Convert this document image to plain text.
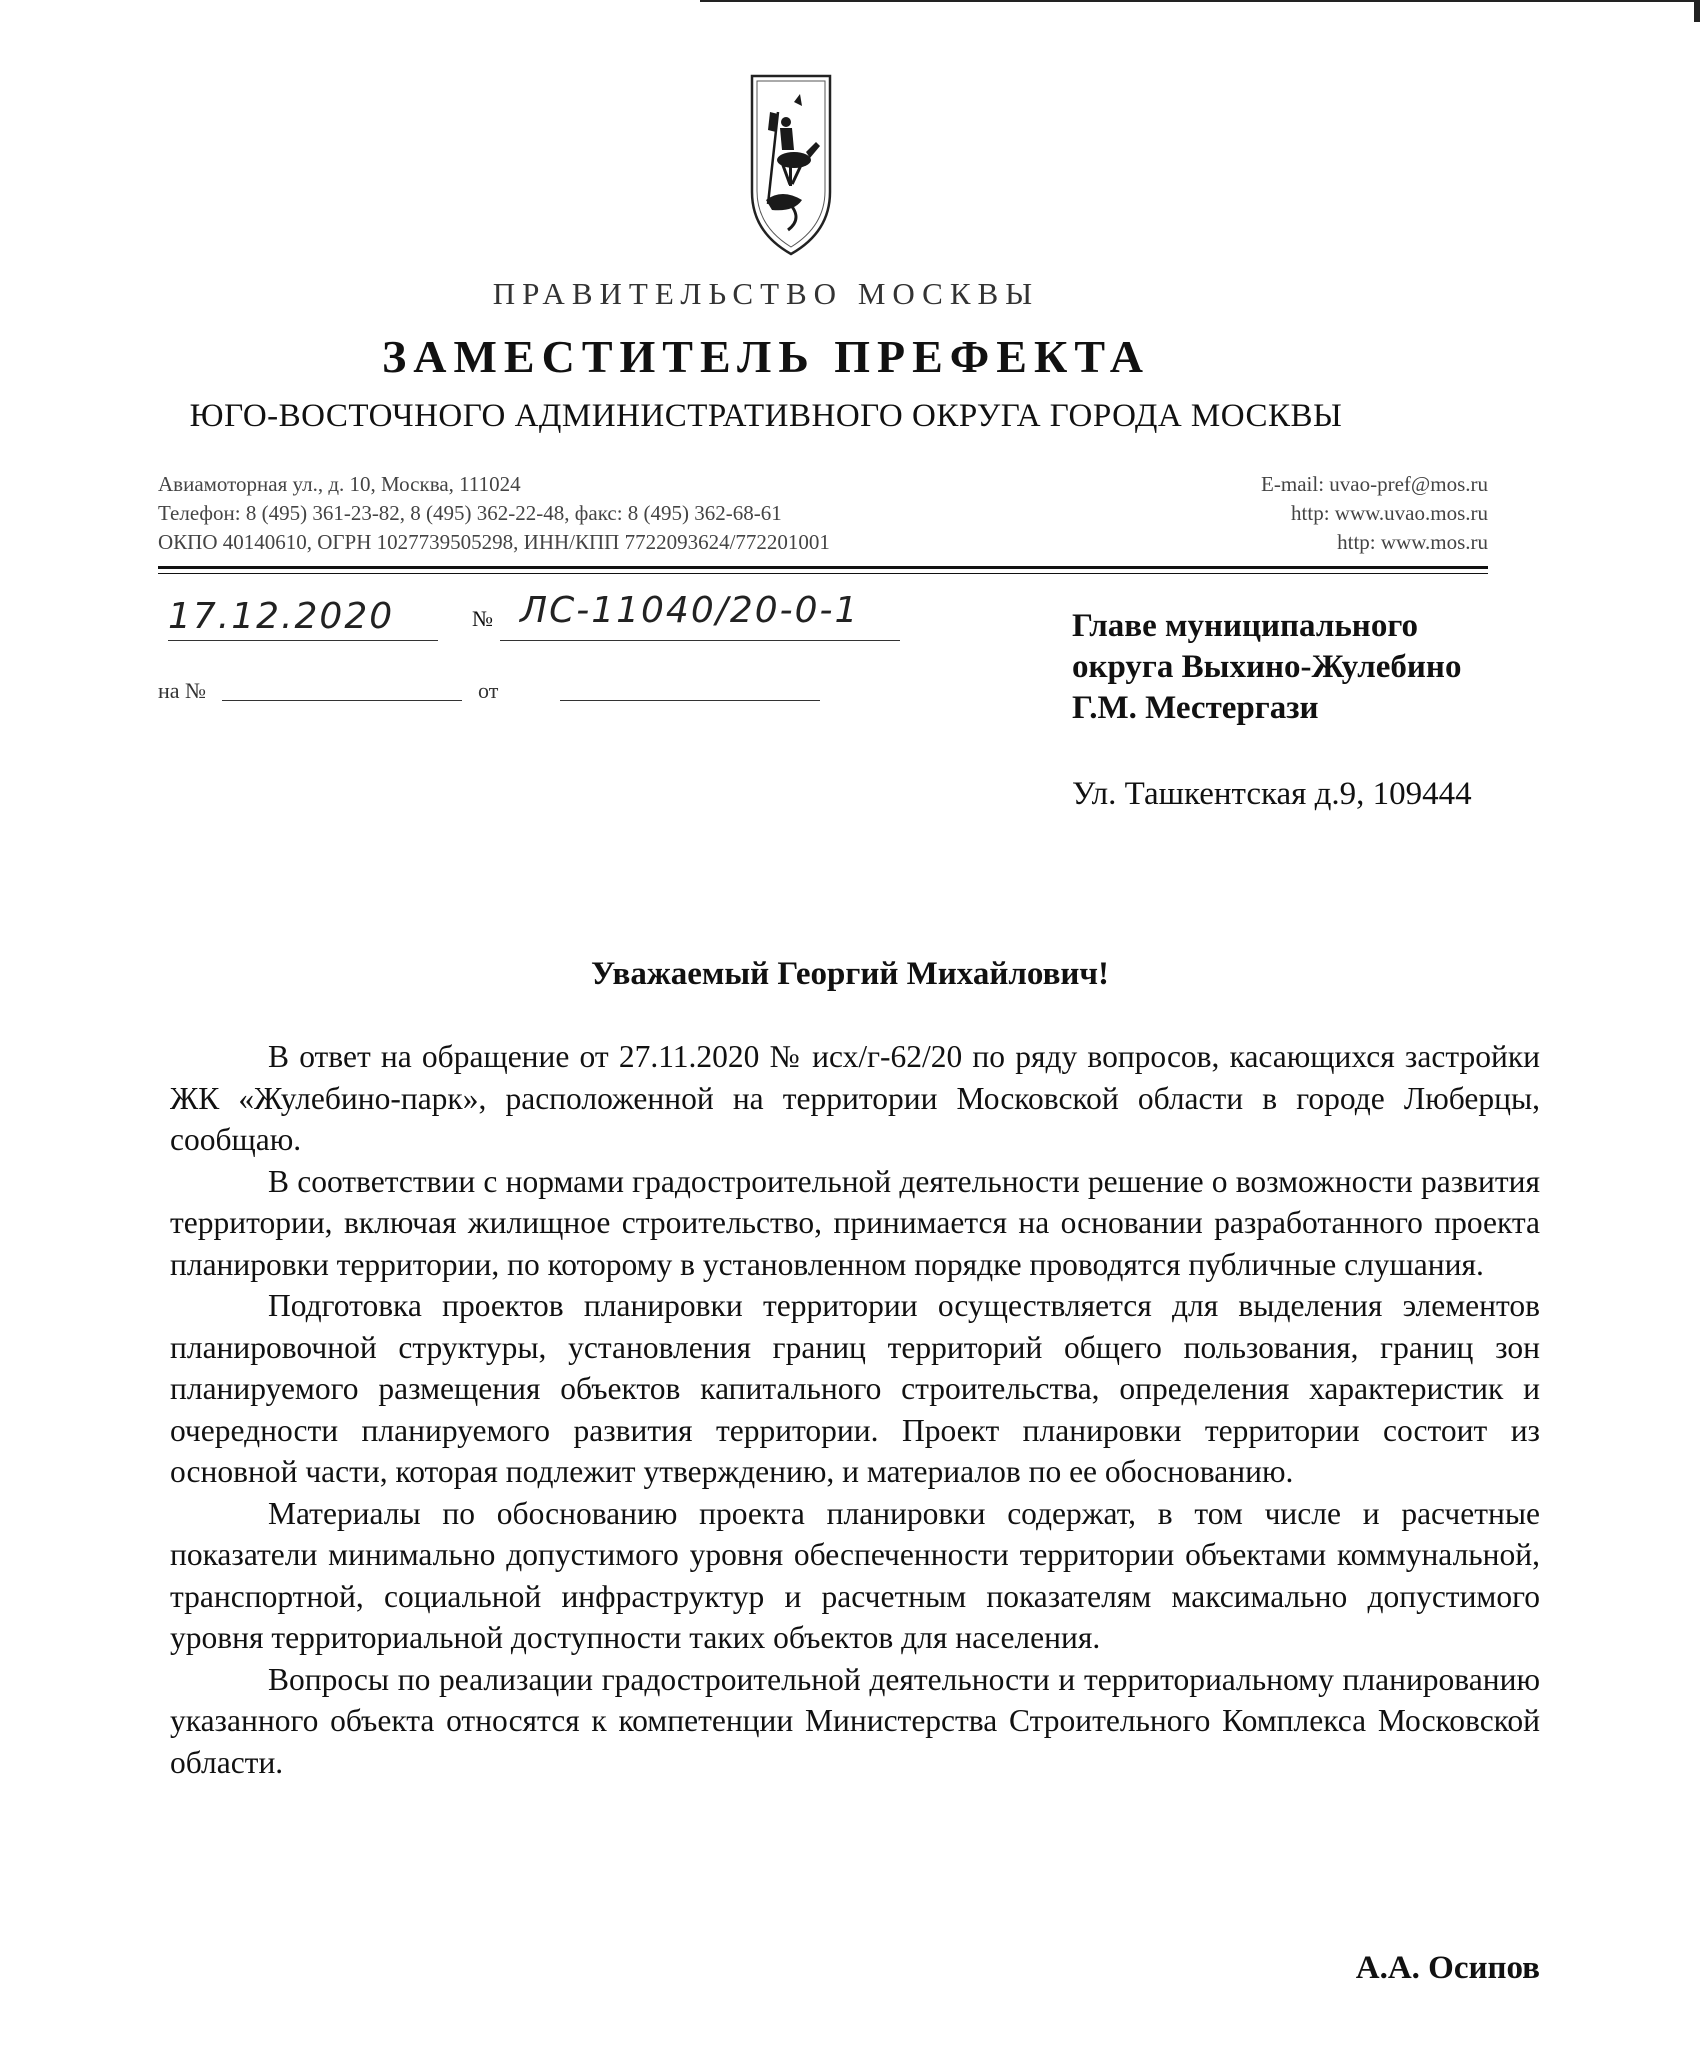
ПРАВИТЕЛЬСТВО МОСКВЫ
ЗАМЕСТИТЕЛЬ ПРЕФЕКТА
ЮГО-ВОСТОЧНОГО АДМИНИСТРАТИВНОГО ОКРУГА ГОРОДА МОСКВЫ
Авиамоторная ул., д. 10, Москва, 111024
Телефон: 8 (495) 361-23-82, 8 (495) 362-22-48, факс: 8 (495) 362-68-61
ОКПО 40140610, ОГРН 1027739505298, ИНН/КПП 7722093624/772201001
E-mail: uvao-pref@mos.ru
http: www.uvao.mos.ru
http: www.mos.ru
17.12.2020	№ ЛС-11040/20-0-1
на №	от
Главе муниципального
округа Выхино-Жулебино
Г.М. Местергази
Ул. Ташкентская д.9, 109444
Уважаемый Георгий Михайлович!

В ответ на обращение от 27.11.2020 № исх/г-62/20 по ряду вопросов, касающихся застройки ЖК «Жулебино-парк», расположенной на территории Московской области в городе Люберцы, сообщаю.

В соответствии с нормами градостроительной деятельности решение о возможности развития территории, включая жилищное строительство, принимается на основании разработанного проекта планировки территории, по которому в установленном порядке проводятся публичные слушания.

Подготовка проектов планировки территории осуществляется для выделения элементов планировочной структуры, установления границ территорий общего пользования, границ зон планируемого размещения объектов капитального строительства, определения характеристик и очередности планируемого развития территории. Проект планировки территории состоит из основной части, которая подлежит утверждению, и материалов по ее обоснованию.

Материалы по обоснованию проекта планировки содержат, в том числе и расчетные показатели минимально допустимого уровня обеспеченности территории объектами коммунальной, транспортной, социальной инфраструктур и расчетным показателям максимально допустимого уровня территориальной доступности таких объектов для населения.

Вопросы по реализации градостроительной деятельности и территориальному планированию указанного объекта относятся к компетенции Министерства Строительного Комплекса Московской области.

А.А. Осипов
